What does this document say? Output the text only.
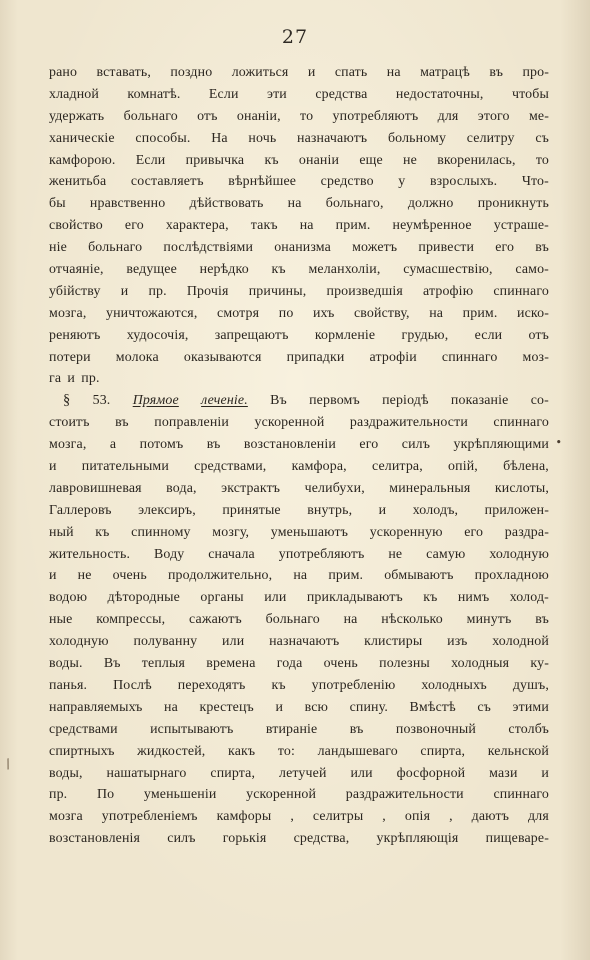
27
рано вставать, поздно ложиться и спать на матрацѣ въ про-
хладной комнатѣ. Если эти средства недостаточны, чтобы
удержать больнаго отъ онаніи, то употребляютъ для этого ме-
ханическіе способы. На ночь назначаютъ больному селитру съ
камфорою. Если привычка къ онаніи еще не вкоренилась, то
женитьба составляетъ вѣрнѣйшее средство у взрослыхъ. Что-
бы нравственно дѣйствовать на больнаго, должно проникнуть
свойство его характера, такъ на прим. неумѣренное устраше-
ніе больнаго послѣдствіями онанизма можетъ привести его въ
отчаяніе, ведущее нерѣдко къ меланхоліи, сумасшествію, само-
убійству и пр. Прочія причины, произведшія атрофію спиннаго
мозга, уничтожаются, смотря по ихъ свойству, на прим. иско-
реняютъ худосочія, запрещаютъ кормленіе грудью, если отъ
потери молока оказываются припадки атрофіи спиннаго моз-
га и пр.
§ 53. Прямое леченіе. Въ первомъ періодѣ показаніе со-
стоитъ въ поправленіи ускоренной раздражительности спиннаго
мозга, а потомъ въ возстановленіи его силъ укрѣпляющими
и питательными средствами, камфора, селитра, опій, бѣлена,
лавровишневая вода, экстрактъ челибухи, минеральныя кислоты,
Галлеровъ элексиръ, принятые внутрь, и холодъ, приложен-
ный къ спинному мозгу, уменьшаютъ ускоренную его раздра-
жительность. Воду сначала употребляютъ не самую холодную
и не очень продолжительно, на прим. обмываютъ прохладною
водою дѣтородные органы или прикладываютъ къ нимъ холод-
ные компрессы, сажаютъ больнаго на нѣсколько минутъ въ
холодную полуванну или назначаютъ клистиры изъ холодной
воды. Въ теплыя времена года очень полезны холодныя ку-
панья. Послѣ переходятъ къ употребленію холодныхъ душъ,
направляемыхъ на крестецъ и всю спину. Вмѣстѣ съ этими
средствами испытываютъ втираніе въ позвоночный столбъ
спиртныхъ жидкостей, какъ то: ландышеваго спирта, кельнской
воды, нашатырнаго спирта, летучей или фосфорной мази и
пр. По уменьшеніи ускоренной раздражительности спиннаго
мозга употребленіемъ камфоры , селитры , опія , даютъ для
возстановленія силъ горькія средства, укрѣпляющія пищеваре-
/
•
